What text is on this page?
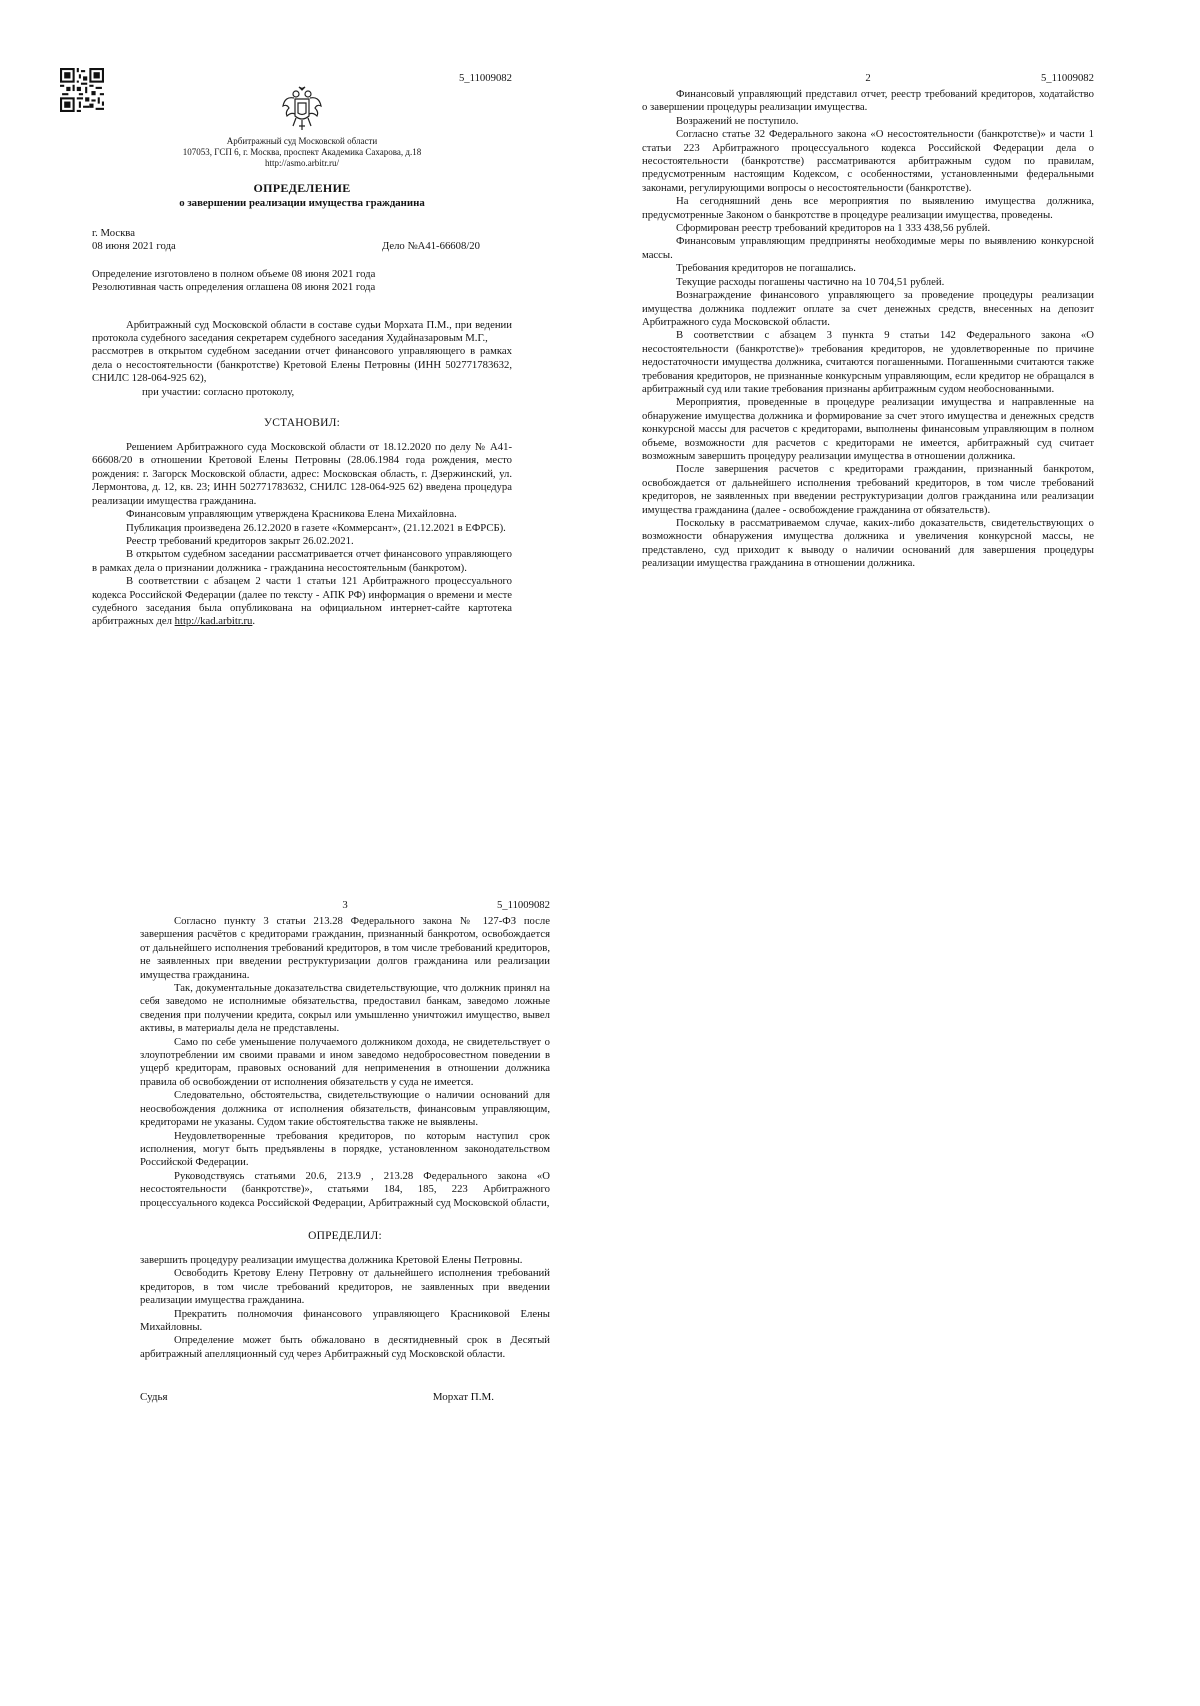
5_11009082
Арбитражный суд Московской области
107053, ГСП 6, г. Москва, проспект Академика Сахарова, д.18
http://asmo.arbitr.ru/
ОПРЕДЕЛЕНИЕ
о завершении реализации имущества гражданина
г. Москва
08 июня 2021 года	Дело №А41-66608/20
Определение изготовлено в полном объеме 08 июня 2021 года
Резолютивная часть определения оглашена 08 июня 2021 года

Арбитражный суд Московской области в составе судьи Морхата П.М., при ведении протокола судебного заседания секретарем судебного заседания Худайназаровым М.Г.,

рассмотрев в открытом судебном заседании отчет финансового управляющего в рамках дела о несостоятельности (банкротстве) Кретовой Елены Петровны (ИНН 502771783632, СНИЛС 128-064-925 62),

при участии: согласно протоколу,

УСТАНОВИЛ:

Решением Арбитражного суда Московской области от 18.12.2020 по делу № А41-66608/20 в отношении Кретовой Елены Петровны (28.06.1984 года рождения, место рождения: г. Загорск Московской области, адрес: Московская область, г. Дзержинский, ул. Лермонтова, д. 12, кв. 23; ИНН 502771783632, СНИЛС 128-064-925 62) введена процедура реализации имущества гражданина.

Финансовым управляющим утверждена Красникова Елена Михайловна.

Публикация произведена 26.12.2020 в газете «Коммерсант», (21.12.2021 в ЕФРСБ).

Реестр требований кредиторов закрыт 26.02.2021.

В открытом судебном заседании рассматривается отчет финансового управляющего в рамках дела о признании должника - гражданина несостоятельным (банкротом).

В соответствии с абзацем 2 части 1 статьи 121 Арбитражного процессуального кодекса Российской Федерации (далее по тексту - АПК РФ) информация о времени и месте судебного заседания была опубликована на официальном интернет-сайте картотека арбитражных дел http://kad.arbitr.ru.

2	5_11009082

Финансовый управляющий представил отчет, реестр требований кредиторов, ходатайство о завершении процедуры реализации имущества.

Возражений не поступило.

Согласно статье 32 Федерального закона «О несостоятельности (банкротстве)» и части 1 статьи 223 Арбитражного процессуального кодекса Российской Федерации дела о несостоятельности (банкротстве) рассматриваются арбитражным судом по правилам, предусмотренным настоящим Кодексом, с особенностями, установленными федеральными законами, регулирующими вопросы о несостоятельности (банкротстве).

На сегодняшний день все мероприятия по выявлению имущества должника, предусмотренные Законом о банкротстве в процедуре реализации имущества, проведены.

Сформирован реестр требований кредиторов на 1 333 438,56 рублей.

Финансовым управляющим предприняты необходимые меры по выявлению конкурсной массы.

Требования кредиторов не погашались.

Текущие расходы погашены частично на 10 704,51 рублей.

Вознаграждение финансового управляющего за проведение процедуры реализации имущества должника подлежит оплате за счет денежных средств, внесенных на депозит Арбитражного суда Московской области.

В соответствии с абзацем 3 пункта 9 статьи 142 Федерального закона «О несостоятельности (банкротстве)» требования кредиторов, не удовлетворенные по причине недостаточности имущества должника, считаются погашенными. Погашенными считаются также требования кредиторов, не признанные конкурсным управляющим, если кредитор не обращался в арбитражный суд или такие требования признаны арбитражным судом необоснованными.

Мероприятия, проведенные в процедуре реализации имущества и направленные на обнаружение имущества должника и формирование за счет этого имущества и денежных средств конкурсной массы для расчетов с кредиторами, выполнены финансовым управляющим в полном объеме, возможности для расчетов с кредиторами не имеется, арбитражный суд считает возможным завершить процедуру реализации имущества в отношении должника.

После завершения расчетов с кредиторами гражданин, признанный банкротом, освобождается от дальнейшего исполнения требований кредиторов, в том числе требований кредиторов, не заявленных при введении реструктуризации долгов гражданина или реализации имущества гражданина (далее - освобождение гражданина от обязательств).

Поскольку в рассматриваемом случае, каких-либо доказательств, свидетельствующих о возможности обнаружения имущества должника и увеличения конкурсной массы, не представлено, суд приходит к выводу о наличии оснований для завершения процедуры реализации имущества гражданина в отношении должника.

3	5_11009082

Согласно пункту 3 статьи 213.28 Федерального закона № 127-ФЗ после завершения расчётов с кредиторами гражданин, признанный банкротом, освобождается от дальнейшего исполнения требований кредиторов, в том числе требований кредиторов, не заявленных при введении реструктуризации долгов гражданина или реализации имущества гражданина.

Так, документальные доказательства свидетельствующие, что должник принял на себя заведомо не исполнимые обязательства, предоставил банкам, заведомо ложные сведения при получении кредита, сокрыл или умышленно уничтожил имущество, вывел активы, в материалы дела не представлены.

Само по себе уменьшение получаемого должником дохода, не свидетельствует о злоупотреблении им своими правами и ином заведомо недобросовестном поведении в ущерб кредиторам, правовых оснований для неприменения в отношении должника правила об освобождении от исполнения обязательств у суда не имеется.

Следовательно, обстоятельства, свидетельствующие о наличии оснований для неосвобождения должника от исполнения обязательств, финансовым управляющим, кредиторами не указаны. Судом такие обстоятельства также не выявлены.

Неудовлетворенные требования кредиторов, по которым наступил срок исполнения, могут быть предъявлены в порядке, установленном законодательством Российской Федерации.

Руководствуясь статьями 20.6, 213.9 , 213.28 Федерального закона «О несостоятельности (банкротстве)», статьями 184, 185, 223 Арбитражного процессуального кодекса Российской Федерации, Арбитражный суд Московской области,

ОПРЕДЕЛИЛ:

завершить процедуру реализации имущества должника Кретовой Елены Петровны.

Освободить Кретову Елену Петровну от дальнейшего исполнения требований кредиторов, в том числе требований кредиторов, не заявленных при введении реализации имущества гражданина.

Прекратить полномочия финансового управляющего Красниковой Елены Михайловны.

Определение может быть обжаловано в десятидневный срок в Десятый арбитражный апелляционный суд через Арбитражный суд Московской области.

Судья	Морхат П.М.
